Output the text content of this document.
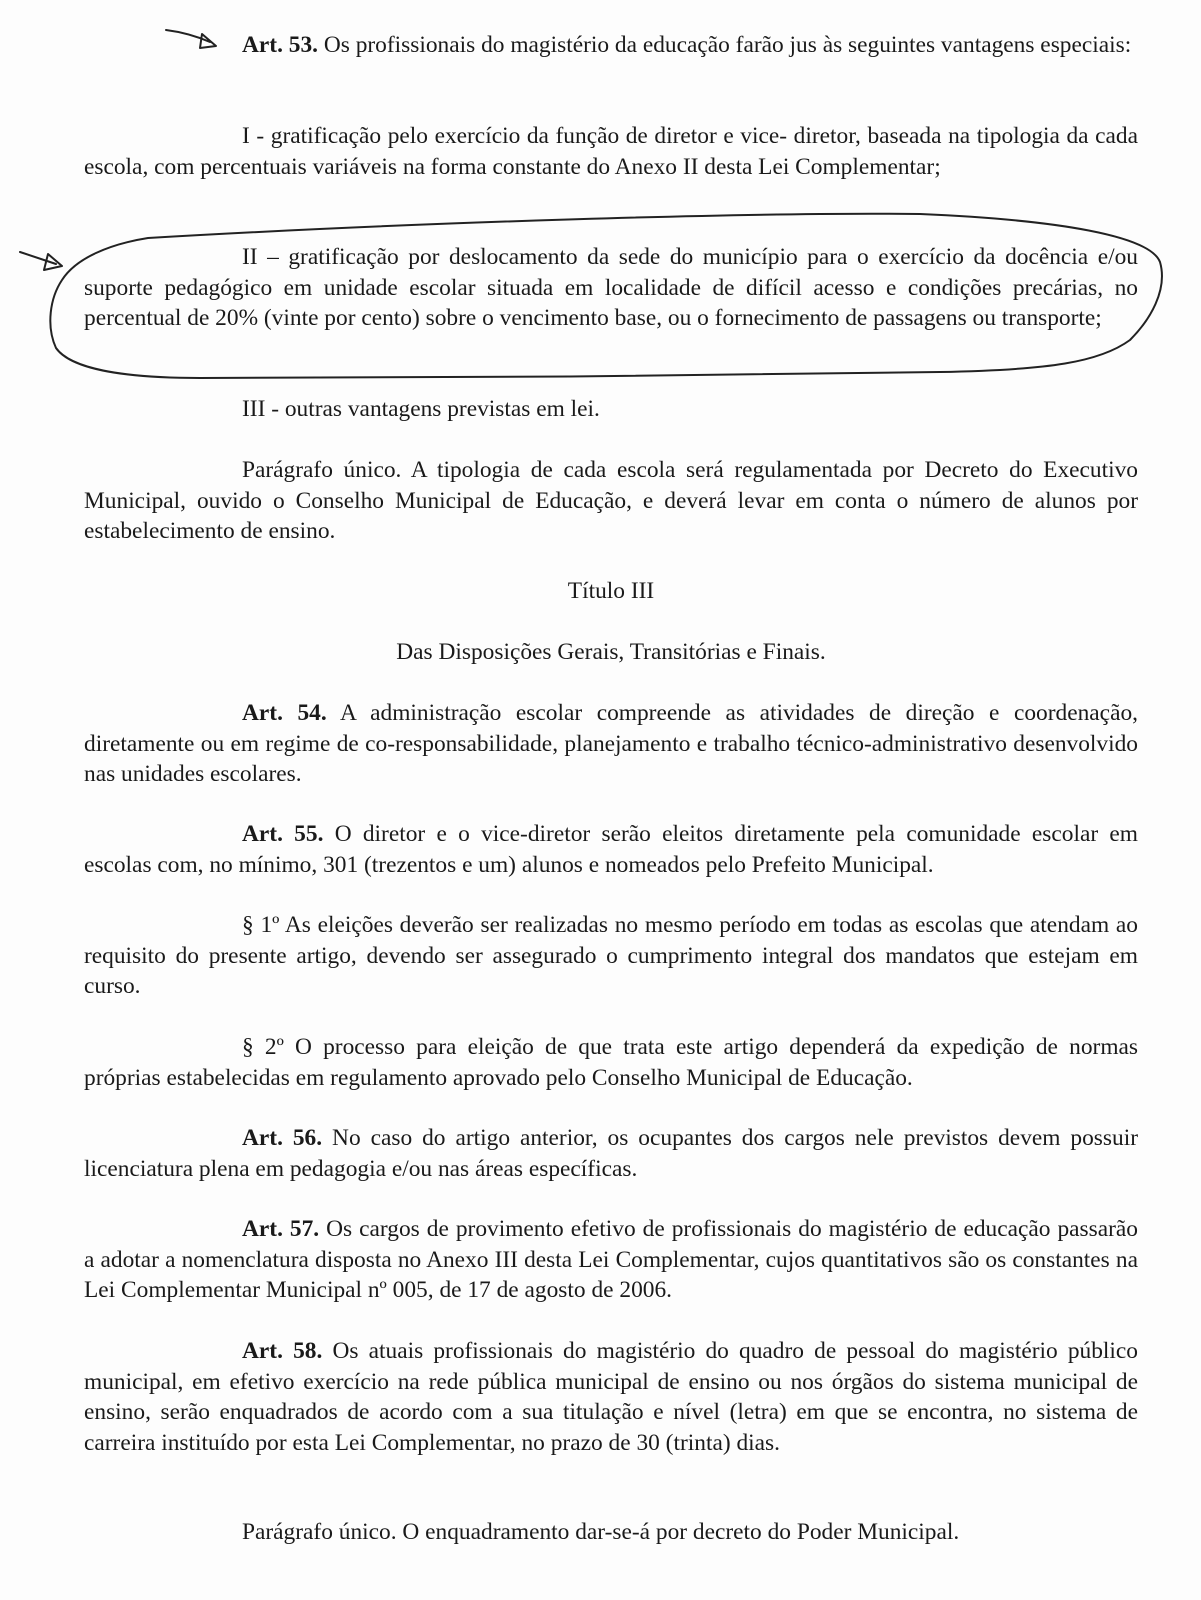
Art. 53. Os profissionais do magistério da educação farão jus às seguintes vantagens especiais:

I - gratificação pelo exercício da função de diretor e vice- diretor, baseada na tipologia da cada escola, com percentuais variáveis na forma constante do Anexo II desta Lei Complementar;

II – gratificação por deslocamento da sede do município para o exercício da docência e/ou suporte pedagógico em unidade escolar situada em localidade de difícil acesso e condições precárias, no percentual de 20% (vinte por cento) sobre o vencimento base, ou o fornecimento de passagens ou transporte;

III - outras vantagens previstas em lei.

Parágrafo único. A tipologia de cada escola será regulamentada por Decreto do Executivo Municipal, ouvido o Conselho Municipal de Educação, e deverá levar em conta o número de alunos por estabelecimento de ensino.

Título III

Das Disposições Gerais, Transitórias e Finais.

Art. 54. A administração escolar compreende as atividades de direção e coordenação, diretamente ou em regime de co-responsabilidade, planejamento e trabalho técnico-administrativo desenvolvido nas unidades escolares.

Art. 55. O diretor e o vice-diretor serão eleitos diretamente pela comunidade escolar em escolas com, no mínimo, 301 (trezentos e um) alunos e nomeados pelo Prefeito Municipal.

§ 1º As eleições deverão ser realizadas no mesmo período em todas as escolas que atendam ao requisito do presente artigo, devendo ser assegurado o cumprimento integral dos mandatos que estejam em curso.

§ 2º O processo para eleição de que trata este artigo dependerá da expedição de normas próprias estabelecidas em regulamento aprovado pelo Conselho Municipal de Educação.

Art. 56. No caso do artigo anterior, os ocupantes dos cargos nele previstos devem possuir licenciatura plena em pedagogia e/ou nas áreas específicas.

Art. 57. Os cargos de provimento efetivo de profissionais do magistério de educação passarão a adotar a nomenclatura disposta no Anexo III desta Lei Complementar, cujos quantitativos são os constantes na Lei Complementar Municipal nº 005, de 17 de agosto de 2006.

Art. 58. Os atuais profissionais do magistério do quadro de pessoal do magistério público municipal, em efetivo exercício na rede pública municipal de ensino ou nos órgãos do sistema municipal de ensino, serão enquadrados de acordo com a sua titulação e nível (letra) em que se encontra, no sistema de carreira instituído por esta Lei Complementar, no prazo de 30 (trinta) dias.

Parágrafo único. O enquadramento dar-se-á por decreto do Poder Municipal.
